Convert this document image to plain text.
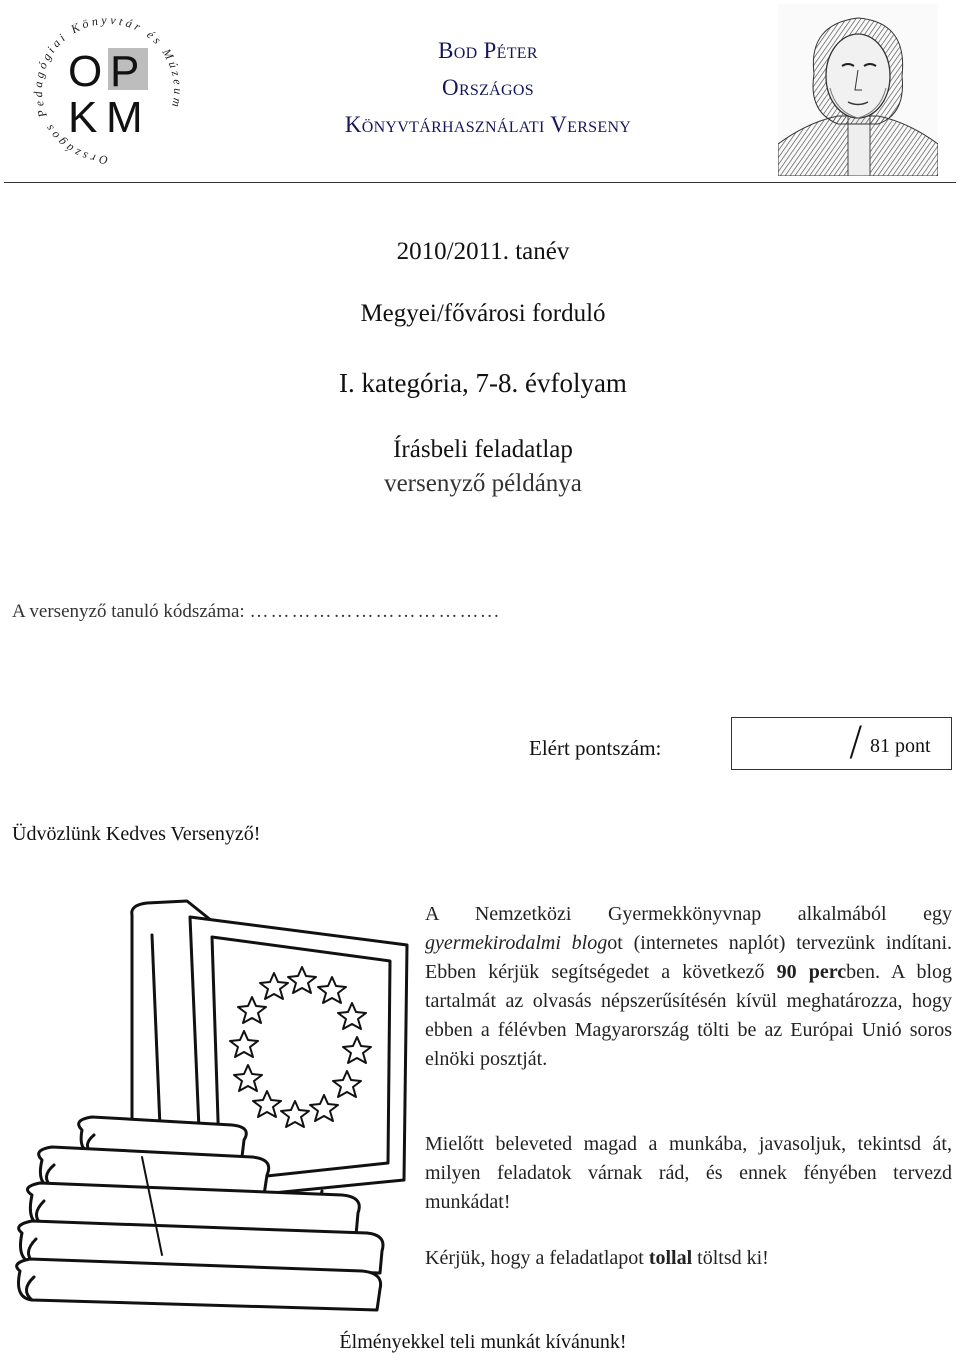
Országos Pedagógiai Könyvtár és Múzeum
O P
K M
Bod Péter
Országos
Könyvtárhasználati Verseny
2010/2011. tanév
Megyei/fővárosi forduló
I. kategória, 7-8. évfolyam
Írásbeli feladatlap
versenyző példánya
A versenyző tanuló kódszáma: ……………………………...
Elért pontszám:	/ 81 pont
Üdvözlünk Kedves Versenyző!
A Nemzetközi Gyermekkönyvnap alkalmából egy gyermekirodalmi blogot (internetes naplót) tervezünk indítani. Ebben kérjük segítségedet a következő 90 percben. A blog tartalmát az olvasás népszerűsítésén kívül meghatározza, hogy ebben a félévben Magyarország tölti be az Európai Unió soros elnöki posztját.
Mielőtt beleveted magad a munkába, javasoljuk, tekintsd át, milyen feladatok várnak rád, és ennek fényében tervezd munkádat!
Kérjük, hogy a feladatlapot tollal töltsd ki!
Élményekkel teli munkát kívánunk!
